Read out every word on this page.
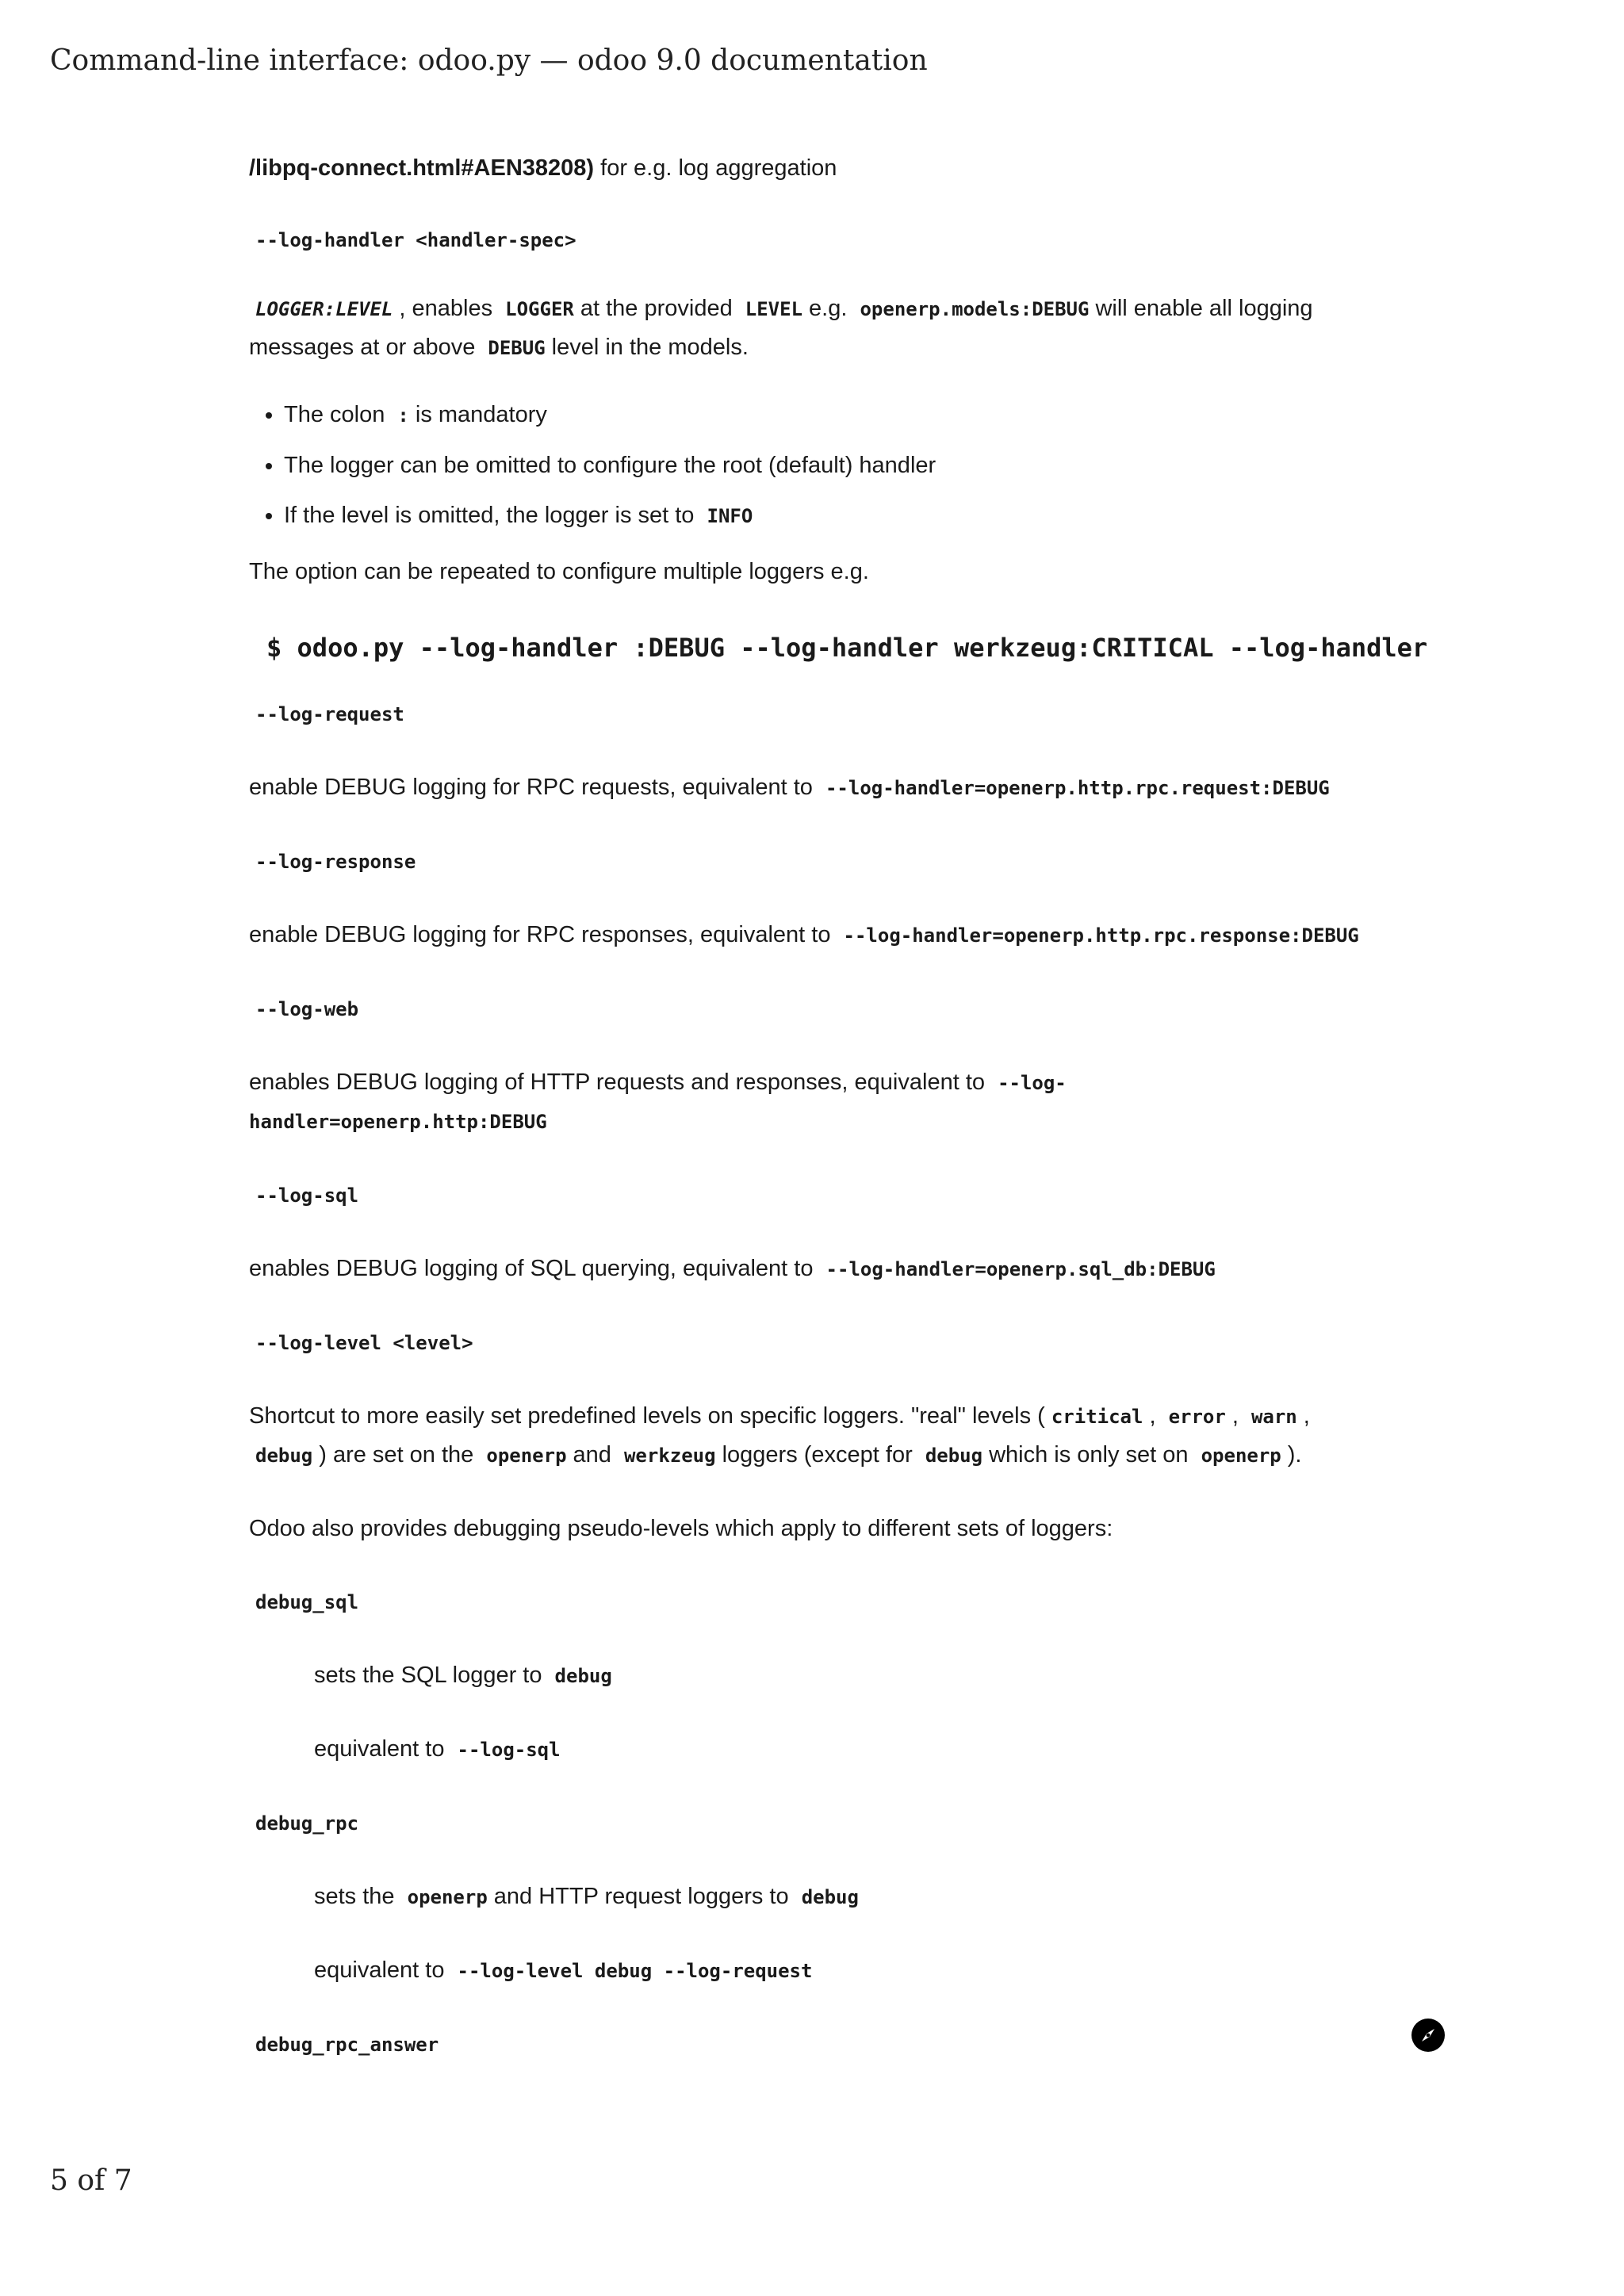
Command-line interface: odoo.py — odoo 9.0 documentation

/libpq-connect.html#AEN38208) for e.g. log aggregation

--log-handler <handler-spec>

LOGGER:LEVEL , enables LOGGER at the provided LEVEL e.g. openerp.models:DEBUG will enable all logging messages at or above DEBUG level in the models.

• The colon : is mandatory
• The logger can be omitted to configure the root (default) handler
• If the level is omitted, the logger is set to INFO

The option can be repeated to configure multiple loggers e.g.

$ odoo.py --log-handler :DEBUG --log-handler werkzeug:CRITICAL --log-handler

--log-request

enable DEBUG logging for RPC requests, equivalent to --log-handler=openerp.http.rpc.request:DEBUG

--log-response

enable DEBUG logging for RPC responses, equivalent to --log-handler=openerp.http.rpc.response:DEBUG

--log-web

enables DEBUG logging of HTTP requests and responses, equivalent to --log-
handler=openerp.http:DEBUG

--log-sql

enables DEBUG logging of SQL querying, equivalent to --log-handler=openerp.sql_db:DEBUG

--log-level <level>

Shortcut to more easily set predefined levels on specific loggers. "real" levels ( critical , error , warn ,
debug ) are set on the openerp and werkzeug loggers (except for debug which is only set on openerp ).

Odoo also provides debugging pseudo-levels which apply to different sets of loggers:

debug_sql

sets the SQL logger to debug

equivalent to --log-sql

debug_rpc

sets the openerp and HTTP request loggers to debug

equivalent to --log-level debug --log-request

debug_rpc_answer

5 of 7
